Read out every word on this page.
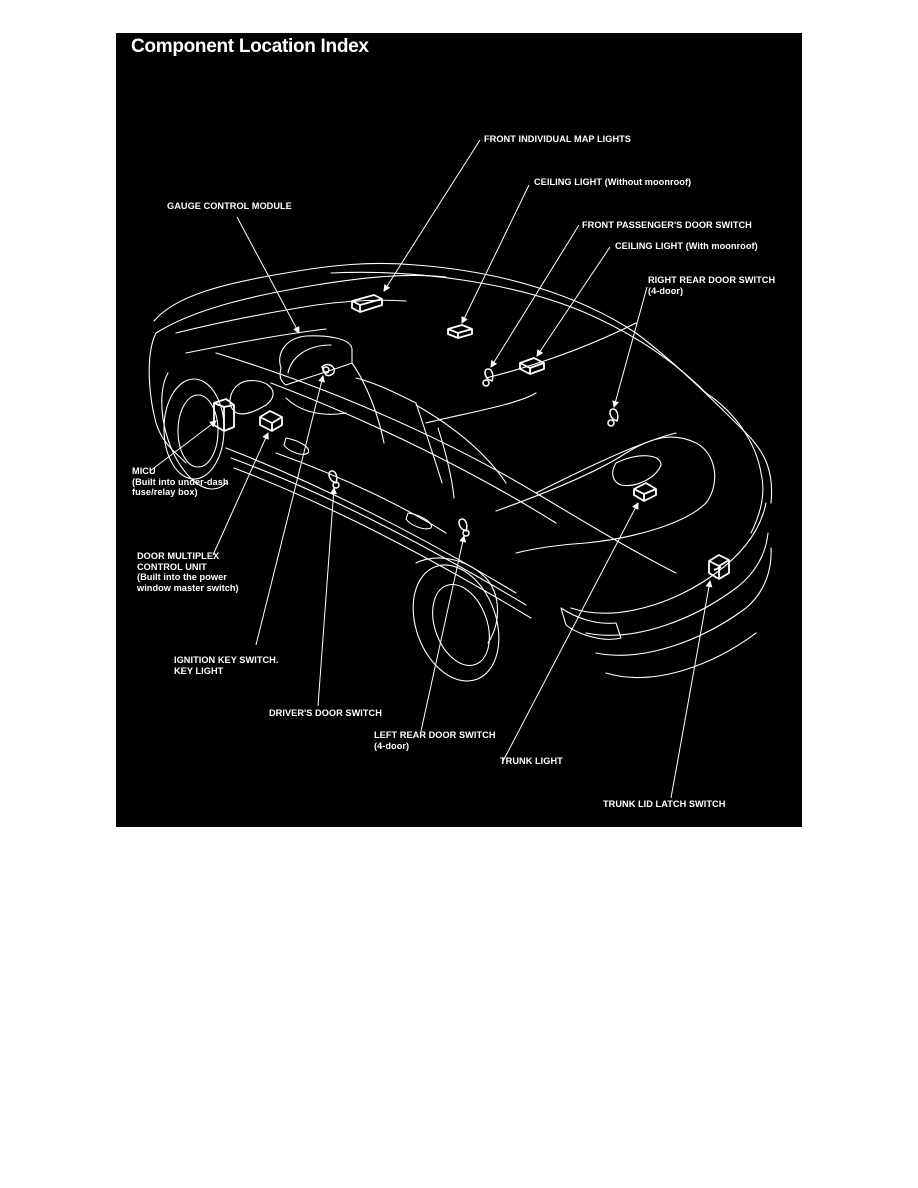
Component Location Index
FRONT INDIVIDUAL MAP LIGHTS
CEILING LIGHT (Without moonroof)
GAUGE CONTROL MODULE
FRONT PASSENGER'S DOOR SWITCH
CEILING LIGHT (With moonroof)
RIGHT REAR DOOR SWITCH
(4-door)
MICU
(Built into under-dash
fuse/relay box)
DOOR MULTIPLEX
CONTROL UNIT
(Built into the power
window master switch)
IGNITION KEY SWITCH.
KEY LIGHT
DRIVER'S DOOR SWITCH
LEFT REAR DOOR SWITCH
(4-door)
TRUNK LIGHT
TRUNK LID LATCH SWITCH
